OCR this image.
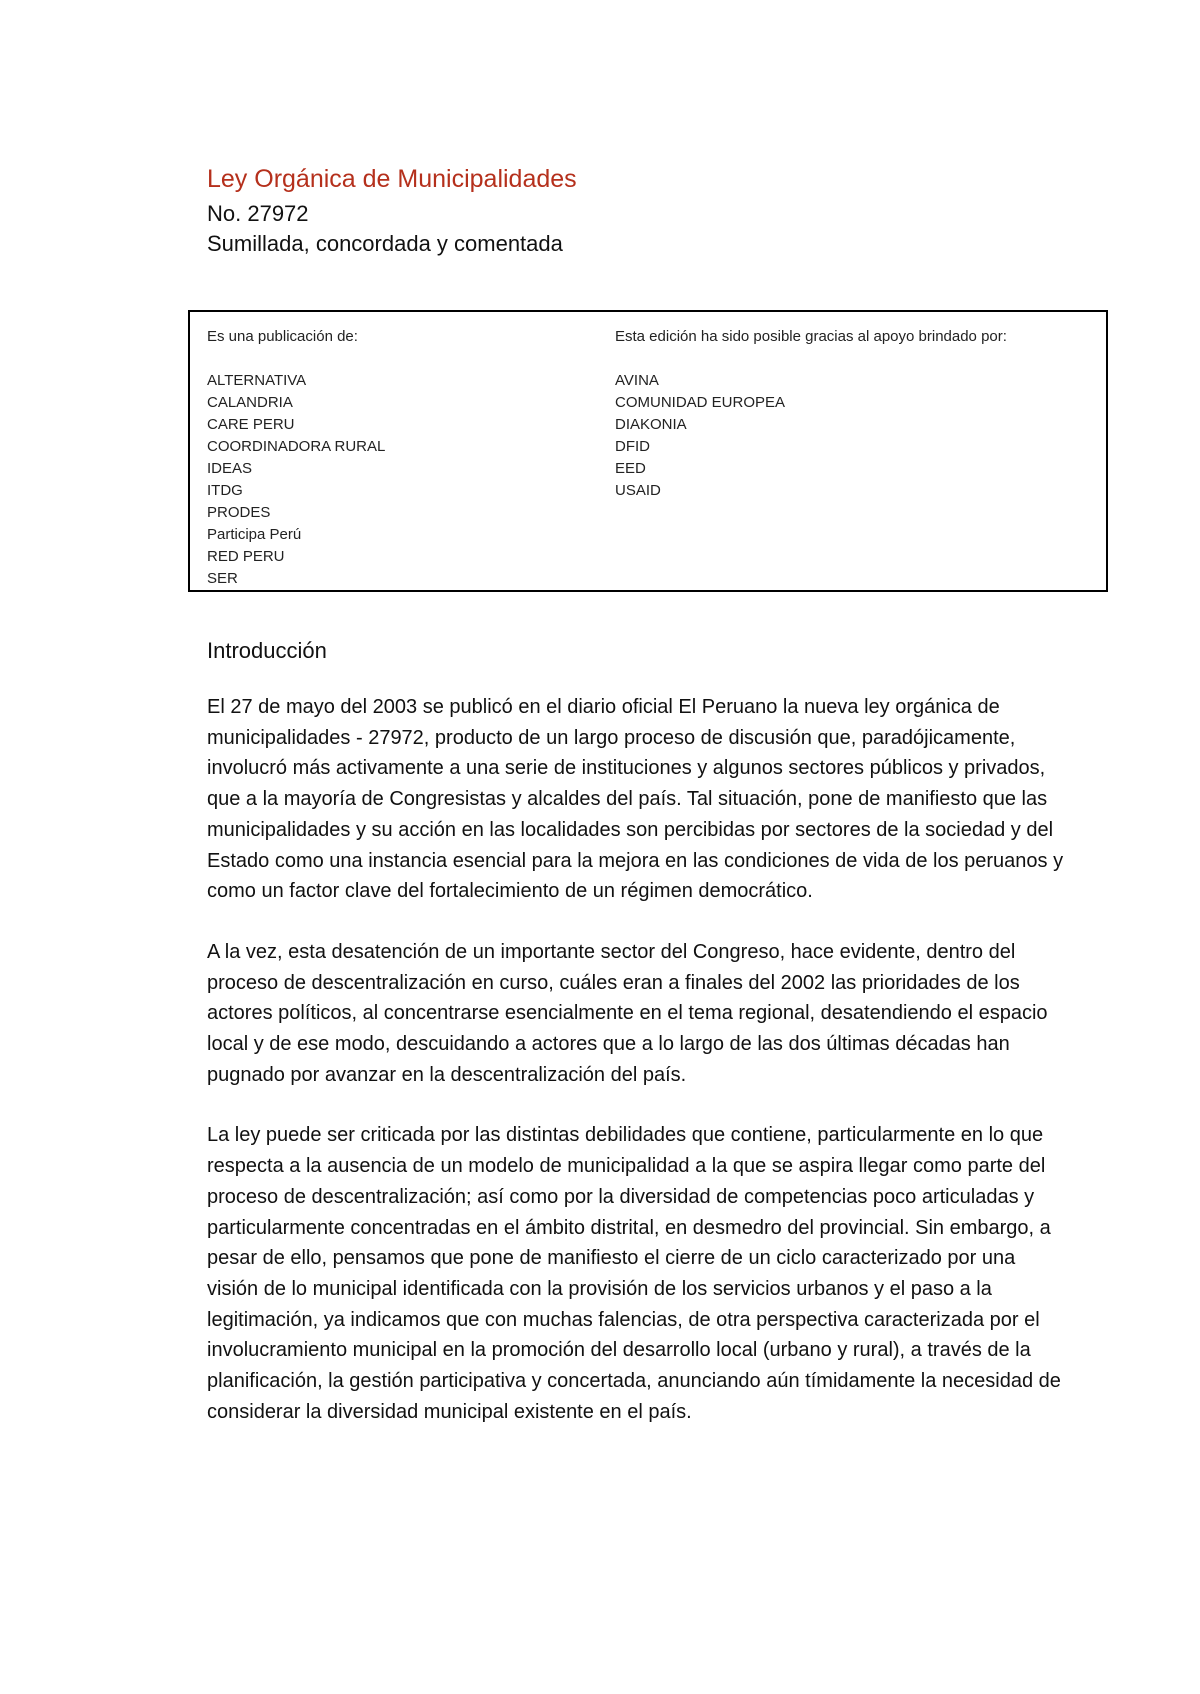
Ley Orgánica de Municipalidades

No. 27972

Sumillada, concordada y comentada

Es una publicación de:

ALTERNATIVA
CALANDRIA
CARE PERU
COORDINADORA RURAL
IDEAS
ITDG
PRODES
Participa Perú
RED PERU
SER

Esta edición ha sido posible gracias al apoyo brindado por:

AVINA
COMUNIDAD EUROPEA
DIAKONIA
DFID
EED
USAID
Introducción

El 27 de mayo del 2003 se publicó en el diario oficial El Peruano la nueva ley orgánica de municipalidades - 27972, producto de un largo proceso de discusión que, paradójicamente, involucró más activamente a una serie de instituciones y algunos sectores públicos y privados, que a la mayoría de Congresistas y alcaldes del país. Tal situación, pone de manifiesto que las municipalidades y su acción en las localidades son percibidas por sectores de la sociedad y del Estado como una instancia esencial para la mejora en las condiciones de vida de los peruanos y como un factor clave del fortalecimiento de un régimen democrático.

A la vez, esta desatención de un importante sector del Congreso, hace evidente, dentro del proceso de descentralización en curso, cuáles eran a finales del 2002 las prioridades de los actores políticos, al concentrarse esencialmente en el tema regional, desatendiendo el espacio local y de ese modo, descuidando a actores que a lo largo de las dos últimas décadas han pugnado por avanzar en la descentralización del país.

La ley puede ser criticada por las distintas debilidades que contiene, particularmente en lo que respecta a la ausencia de un modelo de municipalidad a la que se aspira llegar como parte del proceso de descentralización; así como por la diversidad de competencias poco articuladas y particularmente concentradas en el ámbito distrital, en desmedro del provincial. Sin embargo, a pesar de ello, pensamos que pone de manifiesto el cierre de un ciclo caracterizado por una visión de lo municipal identificada con la provisión de los servicios urbanos y el paso a la legitimación, ya indicamos que con muchas falencias, de otra perspectiva caracterizada por el involucramiento municipal en la promoción del desarrollo local (urbano y rural), a través de la planificación, la gestión participativa y concertada, anunciando aún tímidamente la necesidad de considerar la diversidad municipal existente en el país.
